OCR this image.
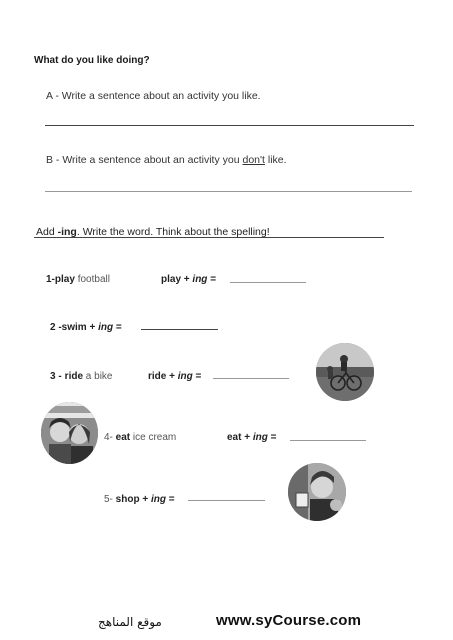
What do you like doing?
A - Write a sentence about an activity you like.
B - Write a sentence about an activity you don't like.
Add -ing. Write the word. Think about the spelling!
1-play football	play + ing =
2 -swim + ing =
3 - ride a bike	ride + ing =
4- eat ice cream	eat + ing =
5- shop + ing =
موقع المناهج	www.syCourse.com
